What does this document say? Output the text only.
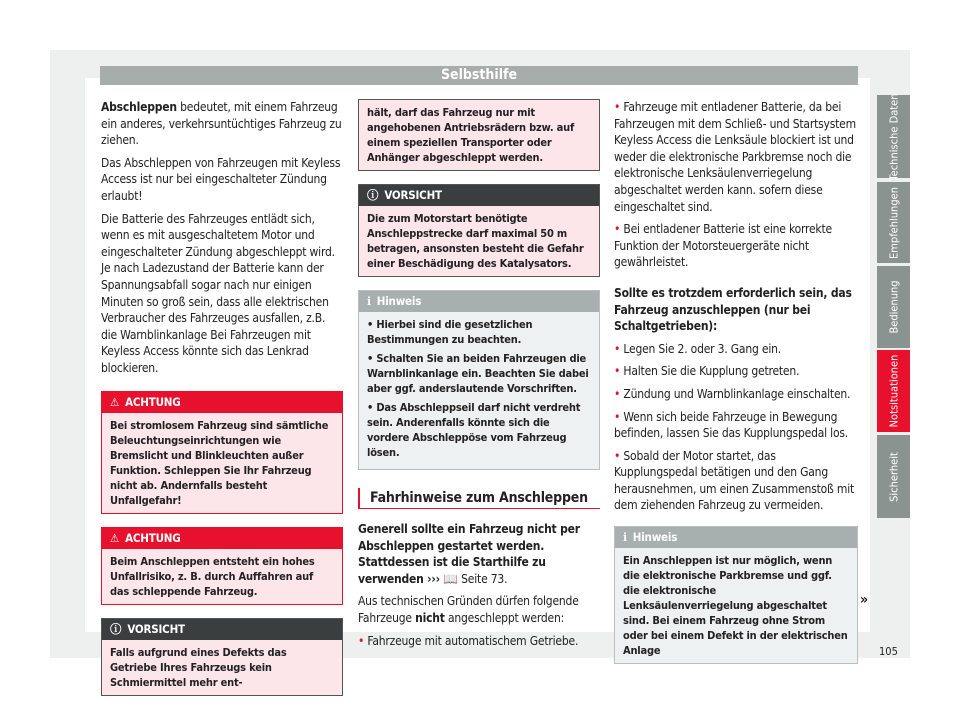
Selbsthilfe

Abschleppen bedeutet, mit einem Fahrzeug ein anderes, verkehrsuntüchtiges Fahrzeug zu ziehen.

Das Abschleppen von Fahrzeugen mit Keyless Access ist nur bei eingeschalteter Zündung erlaubt!

Die Batterie des Fahrzeuges entlädt sich, wenn es mit ausgeschaltetem Motor und eingeschalteter Zündung abgeschleppt wird. Je nach Ladezustand der Batterie kann der Spannungsabfall sogar nach nur einigen Minuten so groß sein, dass alle elektrischen Verbraucher des Fahrzeuges ausfallen, z.B. die Warnblinkanlage Bei Fahrzeugen mit Keyless Access könnte sich das Lenkrad blockieren.

⚠ ACHTUNG
Bei stromlosem Fahrzeug sind sämtliche Beleuchtungseinrichtungen wie Bremslicht und Blinkleuchten außer Funktion. Schleppen Sie Ihr Fahrzeug nicht ab. Andernfalls besteht Unfallgefahr!
⚠ ACHTUNG
Beim Anschleppen entsteht ein hohes Unfallrisiko, z. B. durch Auffahren auf das schleppende Fahrzeug.
ⓘ VORSICHT
Falls aufgrund eines Defekts das Getriebe Ihres Fahrzeugs kein Schmiermittel mehr ent-
hält, darf das Fahrzeug nur mit angehobenen Antriebsrädern bzw. auf einem speziellen Transporter oder Anhänger abgeschleppt werden.
ⓘ VORSICHT
Die zum Motorstart benötigte Anschleppstrecke darf maximal 50 m betragen, ansonsten besteht die Gefahr einer Beschädigung des Katalysators.
ℹ Hinweis

• Hierbei sind die gesetzlichen Bestimmungen zu beachten.

• Schalten Sie an beiden Fahrzeugen die Warnblinkanlage ein. Beachten Sie dabei aber ggf. anderslautende Vorschriften.

• Das Abschleppseil darf nicht verdreht sein. Anderenfalls könnte sich die vordere Abschleppöse vom Fahrzeug lösen.

Fahrhinweise zum Anschleppen

Generell sollte ein Fahrzeug nicht per Abschleppen gestartet werden. Stattdessen ist die Starthilfe zu verwenden ››› 📖 Seite 73.

Aus technischen Gründen dürfen folgende Fahrzeuge nicht angeschleppt werden:

• Fahrzeuge mit automatischem Getriebe.

• Fahrzeuge mit entladener Batterie, da bei Fahrzeugen mit dem Schließ- und Startsystem Keyless Access die Lenksäule blockiert ist und weder die elektronische Parkbremse noch die elektronische Lenksäulenverriegelung abgeschaltet werden kann. sofern diese eingeschaltet sind.

• Bei entladener Batterie ist eine korrekte Funktion der Motorsteuergeräte nicht gewährleistet.

Sollte es trotzdem erforderlich sein, das Fahrzeug anzuschleppen (nur bei Schaltgetrieben):

• Legen Sie 2. oder 3. Gang ein.

• Halten Sie die Kupplung getreten.

• Zündung und Warnblinkanlage einschalten.

• Wenn sich beide Fahrzeuge in Bewegung befinden, lassen Sie das Kupplungspedal los.

• Sobald der Motor startet, das Kupplungspedal betätigen und den Gang herausnehmen, um einen Zusammenstoß mit dem ziehenden Fahrzeug zu vermeiden.

ℹ Hinweis
Ein Anschleppen ist nur möglich, wenn die elektronische Parkbremse und ggf. die elektronische Lenksäulenverriegelung abgeschaltet sind. Bei einem Fahrzeug ohne Strom oder bei einem Defekt in der elektrischen Anlage
»
Technische Daten
Empfehlungen
Bedienung
Notsituationen
Sicherheit
105
